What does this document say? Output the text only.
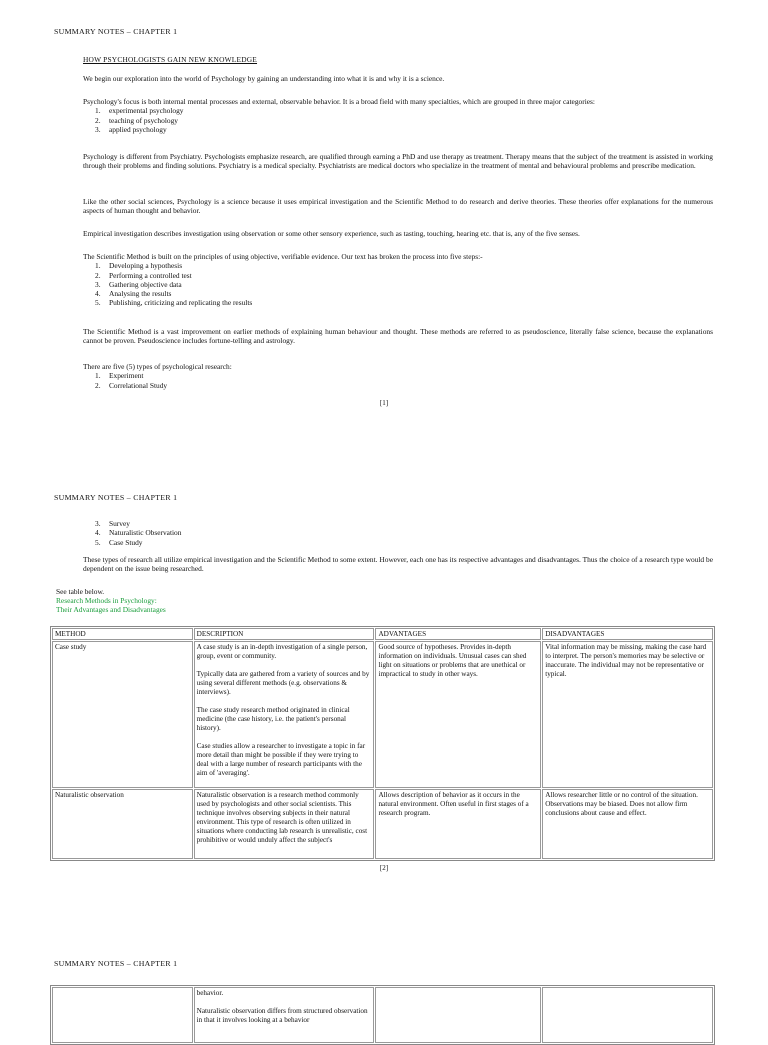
SUMMARY NOTES – CHAPTER 1
HOW PSYCHOLOGISTS GAIN NEW KNOWLEDGE
We begin our exploration into the world of Psychology by gaining an understanding into what it is and why it is a science.
Psychology's focus is both internal mental processes and external, observable behavior. It is a broad field with many specialties, which are grouped in three major categories:
1.	experimental psychology
2.	teaching of psychology
3.	applied psychology
Psychology is different from Psychiatry. Psychologists emphasize research, are qualified through earning a PhD and use therapy as treatment. Therapy means that the subject of the treatment is assisted in working through their problems and finding solutions. Psychiatry is a medical specialty. Psychiatrists are medical doctors who specialize in the treatment of mental and behavioural problems and prescribe medication.
Like the other social sciences, Psychology is a science because it uses empirical investigation and the Scientific Method to do research and derive theories. These theories offer explanations for the numerous aspects of human thought and behavior.
Empirical investigation describes investigation using observation or some other sensory experience, such as tasting, touching, hearing etc. that is, any of the five senses.
The Scientific Method is built on the principles of using objective, verifiable evidence. Our text has broken the process into five steps:-
1.	Developing a hypothesis
2.	Performing a controlled test
3.	Gathering objective data
4.	Analysing the results
5.	Publishing, criticizing and replicating the results
The Scientific Method is a vast improvement on earlier methods of explaining human behaviour and thought. These methods are referred to as pseudoscience, literally false science, because the explanations cannot be proven. Pseudoscience includes fortune-telling and astrology.
There are five (5) types of psychological research:
1.	Experiment
2.	Correlational Study
[1]
SUMMARY NOTES – CHAPTER 1
3.	Survey
4.	Naturalistic Observation
5.	Case Study
These types of research all utilize empirical investigation and the Scientific Method to some extent. However, each one has its respective advantages and disadvantages. Thus the choice of a research type would be dependent on the issue being researched.
See table below.
Research Methods in Psychology:
Their Advantages and Disadvantages
METHOD	DESCRIPTION	ADVANTAGES	DISADVANTAGES
Case study	A case study is an in-depth investigation of a single person, group, event or community.

Typically data are gathered from a variety of sources and by using several different methods (e.g. observations & interviews).

The case study research method originated in clinical medicine (the case history, i.e. the patient's personal history).

Case studies allow a researcher to investigate a topic in far more detail than might be possible if they were trying to deal with a large number of research participants with the aim of 'averaging'.	Good source of hypotheses. Provides in-depth information on individuals. Unusual cases can shed light on situations or problems that are unethical or impractical to study in other ways.	Vital information may be missing, making the case hard to interpret. The person's memories may be selective or inaccurate. The individual may not be representative or typical.
Naturalistic observation	Naturalistic observation is a research method commonly used by psychologists and other social scientists. This technique involves observing subjects in their natural environment. This type of research is often utilized in situations where conducting lab research is unrealistic, cost prohibitive or would unduly affect the subject's	Allows description of behavior as it occurs in the natural environment. Often useful in first stages of a research program.	Allows researcher little or no control of the situation. Observations may be biased. Does not allow firm conclusions about cause and effect.
[2]
SUMMARY NOTES – CHAPTER 1

behavior.

Naturalistic observation differs from structured observation in that it involves looking at a behavior
